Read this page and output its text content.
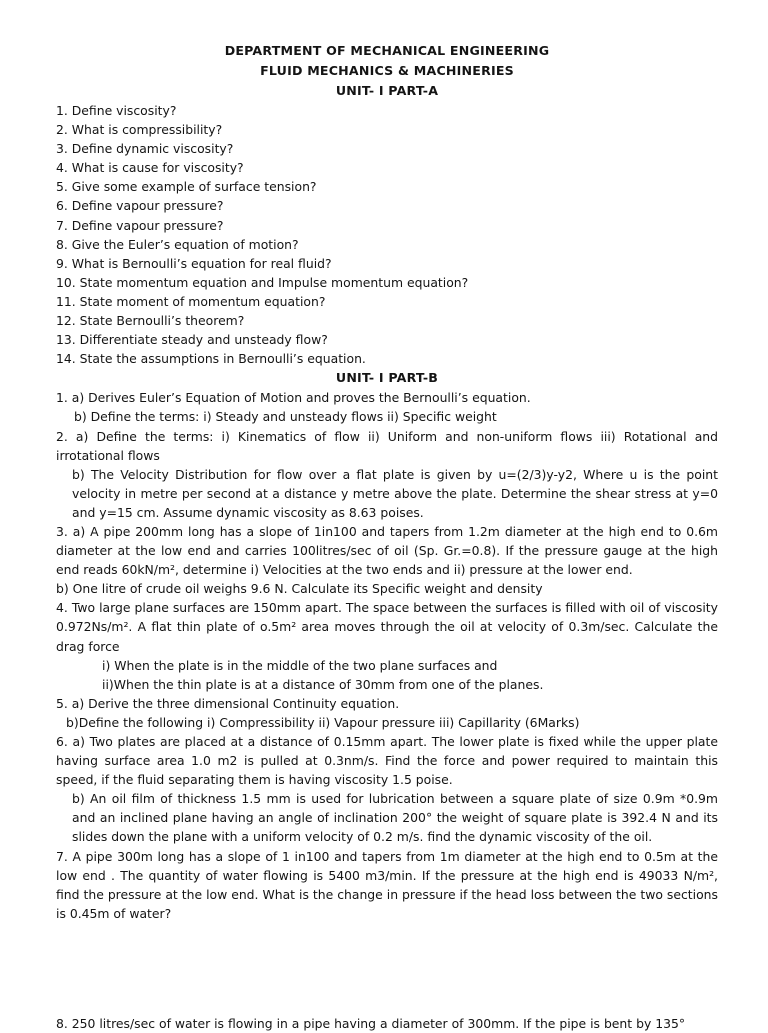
DEPARTMENT OF MECHANICAL ENGINEERING
FLUID MECHANICS & MACHINERIES
UNIT- I PART-A
1. Define viscosity?
2. What is compressibility?
3. Define dynamic viscosity?
4. What is cause for viscosity?
5. Give some example of surface tension?
6. Define vapour pressure?
7. Define vapour pressure?
8. Give the Euler’s equation of motion?
9. What is Bernoulli’s equation for real fluid?
10. State momentum equation and Impulse momentum equation?
11. State moment of momentum equation?
12. State Bernoulli’s theorem?
13. Differentiate steady and unsteady flow?
14. State the assumptions in Bernoulli’s equation.
UNIT- I PART-B
1. a) Derives Euler’s Equation of Motion and proves the Bernoulli’s equation.
b) Define the terms: i) Steady and unsteady flows ii) Specific weight
2. a) Define the terms: i) Kinematics of flow ii) Uniform and non-uniform flows iii) Rotational and irrotational flows
b) The Velocity Distribution for flow over a flat plate is given by u=(2/3)y-y2, Where u is the point velocity in metre per second at a distance y metre above the plate. Determine the shear stress at y=0 and y=15 cm. Assume dynamic viscosity as 8.63 poises.
3. a) A pipe 200mm long has a slope of 1in100 and tapers from 1.2m diameter at the high end to 0.6m diameter at the low end and carries 100litres/sec of oil (Sp. Gr.=0.8). If the pressure gauge at the high end reads 60kN/m², determine i) Velocities at the two ends and ii) pressure at the lower end.
b) One litre of crude oil weighs 9.6 N. Calculate its Specific weight and density
4. Two large plane surfaces are 150mm apart. The space between the surfaces is filled with oil of viscosity 0.972Ns/m². A flat thin plate of o.5m² area moves through the oil at velocity of 0.3m/sec. Calculate the drag force
i) When the plate is in the middle of the two plane surfaces and
ii)When the thin plate is at a distance of 30mm from one of the planes.
5. a) Derive the three dimensional Continuity equation.
b)Define the following i) Compressibility ii) Vapour pressure iii) Capillarity (6Marks)
6. a) Two plates are placed at a distance of 0.15mm apart. The lower plate is fixed while the upper plate having surface area 1.0 m2 is pulled at 0.3nm/s. Find the force and power required to maintain this speed, if the fluid separating them is having viscosity 1.5 poise.
b) An oil film of thickness 1.5 mm is used for lubrication between a square plate of size 0.9m *0.9m and an inclined plane having an angle of inclination 200° the weight of square plate is 392.4 N and its slides down the plane with a uniform velocity of 0.2 m/s. find the dynamic viscosity of the oil.
7. A pipe 300m long has a slope of 1 in100 and tapers from 1m diameter at the high end to 0.5m at the low end . The quantity of water flowing is 5400 m3/min. If the pressure at the high end is 49033 N/m², find the pressure at the low end. What is the change in pressure if the head loss between the two sections is 0.45m of water?
8. 250 litres/sec of water is flowing in a pipe having a diameter of 300mm. If the pipe is bent by 135°
